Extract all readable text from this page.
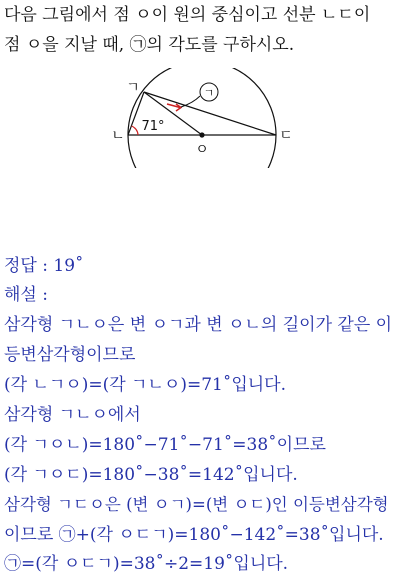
다음 그림에서 점 ㅇ이 원의 중심이고 선분 ㄴㄷ이
점 ㅇ을 지날 때, ㉠의 각도를 구하시오.
ㄱ
ㄱ
ㄴ	ㄷ
ㅇ
71°
정답 : 19˚
해설 :
삼각형 ㄱㄴㅇ은 변 ㅇㄱ과 변 ㅇㄴ의 길이가 같은 이
등변삼각형이므로
(각 ㄴㄱㅇ)=(각 ㄱㄴㅇ)=71˚입니다.
삼각형 ㄱㄴㅇ에서
(각 ㄱㅇㄴ)=180˚−71˚−71˚=38˚이므로
(각 ㄱㅇㄷ)=180˚−38˚=142˚입니다.
삼각형 ㄱㄷㅇ은 (변 ㅇㄱ)=(변 ㅇㄷ)인 이등변삼각형
이므로 ㉠+(각 ㅇㄷㄱ)=180˚−142˚=38˚입니다.
㉠=(각 ㅇㄷㄱ)=38˚÷2=19˚입니다.
